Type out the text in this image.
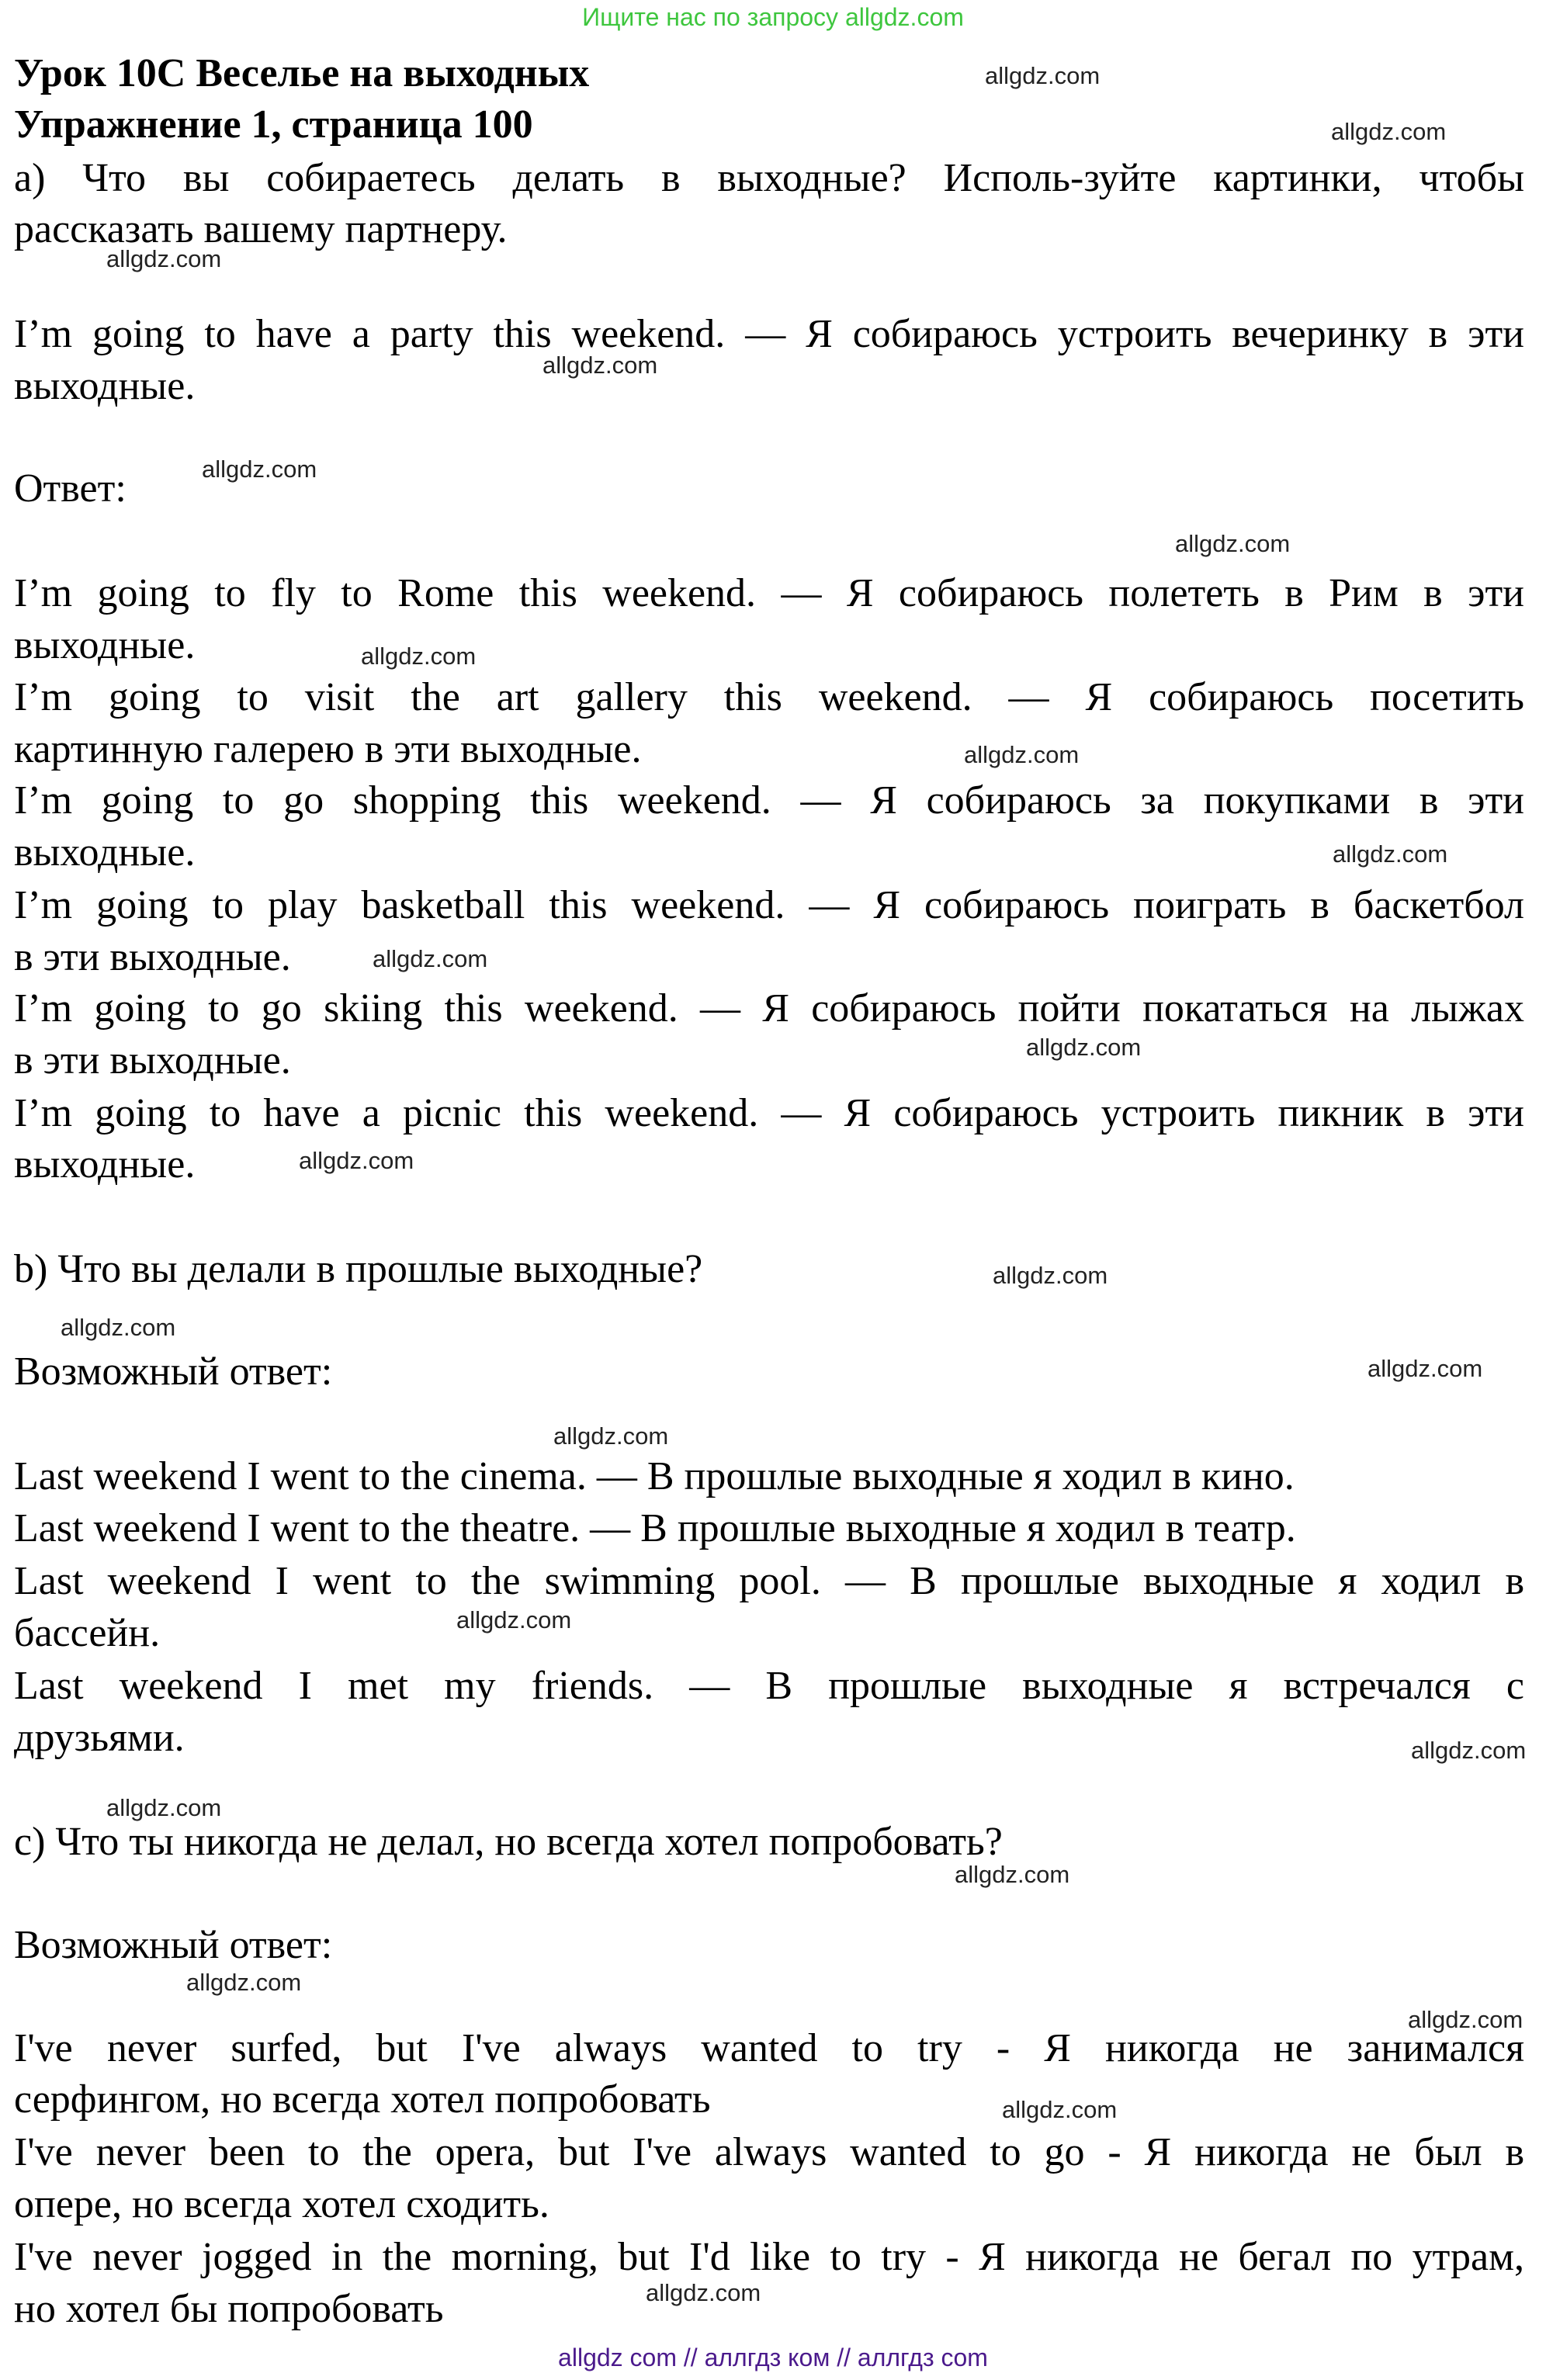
Ищите нас по запросу allgdz.com
Урок 10С Веселье на выходных
Упражнение 1, страница 100
а) Что вы собираетесь делать в выходные? Исполь-зуйте картинки, чтобы
рассказать вашему партнеру.
I’m going to have a party this weekend. — Я собираюсь устроить вечеринку в эти
выходные.
Ответ:
I’m going to fly to Rome this weekend. — Я собираюсь полететь в Рим в эти
выходные.
I’m going to visit the art gallery this weekend. — Я собираюсь посетить
картинную галерею в эти выходные.
I’m going to go shopping this weekend. — Я собираюсь за покупками в эти
выходные.
I’m going to play basketball this weekend. — Я собираюсь поиграть в баскетбол
в эти выходные.
I’m going to go skiing this weekend. — Я собираюсь пойти покататься на лыжах
в эти выходные.
I’m going to have a picnic this weekend. — Я собираюсь устроить пикник в эти
выходные.
b) Что вы делали в прошлые выходные?
Возможный ответ:
Last weekend I went to the cinema. — В прошлые выходные я ходил в кино.
Last weekend I went to the theatre. — В прошлые выходные я ходил в театр.
Last weekend I went to the swimming pool. — В прошлые выходные я ходил в
бассейн.
Last weekend I met my friends. — В прошлые выходные я встречался с
друзьями.
c) Что ты никогда не делал, но всегда хотел попробовать?
Возможный ответ:
I've never surfed, but I've always wanted to try - Я никогда не занимался
серфингом, но всегда хотел попробовать
I've never been to the opera, but I've always wanted to go - Я никогда не был в
опере, но всегда хотел сходить.
I've never jogged in the morning, but I'd like to try - Я никогда не бегал по утрам,
но хотел бы попробовать
allgdz.com
allgdz.com
allgdz.com
allgdz.com
allgdz.com
allgdz.com
allgdz.com
allgdz.com
allgdz.com
allgdz.com
allgdz.com
allgdz.com
allgdz.com
allgdz.com
allgdz.com
allgdz.com
allgdz.com
allgdz.com
allgdz.com
allgdz.com
allgdz.com
allgdz.com
allgdz.com
allgdz.com
allgdz com // аллгдз ком // аллгдз com
